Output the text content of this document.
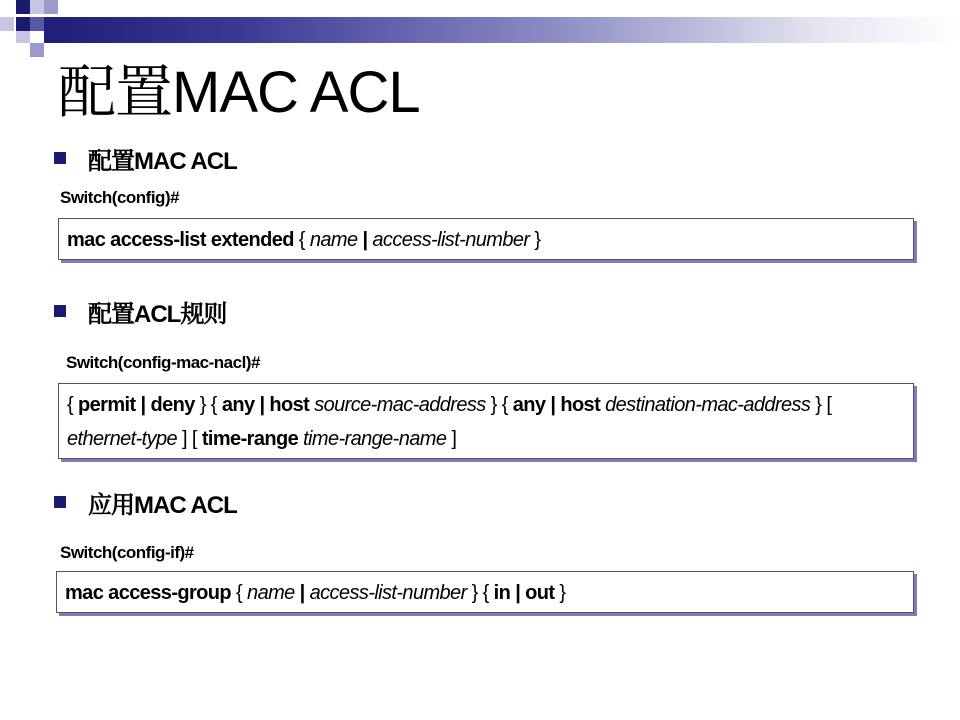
配置MAC ACL
配置MAC ACL
Switch(config)#
mac access-list extended { name | access-list-number }
配置ACL规则
Switch(config-mac-nacl)#
{ permit | deny } { any | host source-mac-address } { any | host destination-mac-address } [ ethernet-type ] [ time-range time-range-name ]
应用MAC ACL
Switch(config-if)#
mac access-group { name | access-list-number } { in | out }
